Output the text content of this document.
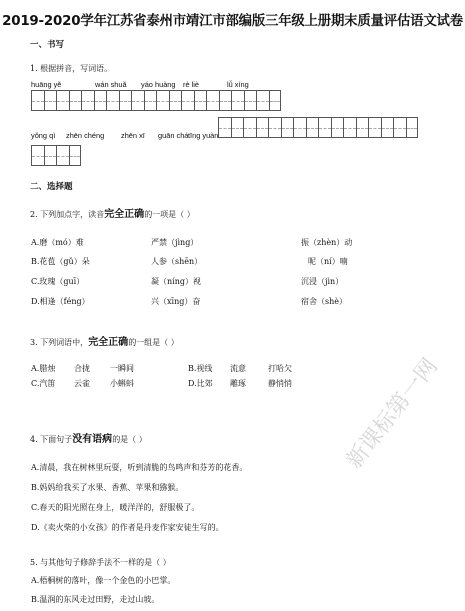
2019-2020学年江苏省泰州市靖江市部编版三年级上册期末质量评估语文试卷
一、书写
1. 根据拼音，写词语。
huāng yě	wán shuǎ yáo huàng rè liè	lǚ xíng
yǒng qì zhēn chéng zhēn xī guān chá tīng yuàn
二、选择题
2. 下列加点字，读音完全正确的一项是（ ）
A.磨（mó）难	严禁（jìng）	振（zhèn）动
B.花苞（gǔ）朵	人参（shēn）	呢（ní）喃
C.玫瑰（guī）	凝（níng）视	沉浸（jìn）
D.相逢（féng）	兴（xīng）奋	宿舍（shè）
3. 下列词语中，完全正确的一组是（ ）
A.腊烛 合拢	一瞬间	B.视线 流意	打哈欠
C.汽笛 云雀	小蝌蚪	D.比郊 雕琢	静悄悄
4. 下面句子没有语病的是（ ）
A.清晨，我在树林里玩耍，听到清脆的鸟鸣声和芬芳的花香。
B.妈妈给我买了水果、香蕉、苹果和猕猴。
C.春天的阳光照在身上，暖洋洋的，舒服极了。
D.《卖火柴的小女孩》的作者是丹麦作家安徒生写的。
5. 与其他句子修辞手法不一样的是（ ）
A.梧桐树的落叶，像一个金色的小巴掌。
B.温润的东风走过田野，走过山坡。
新课标第一网
